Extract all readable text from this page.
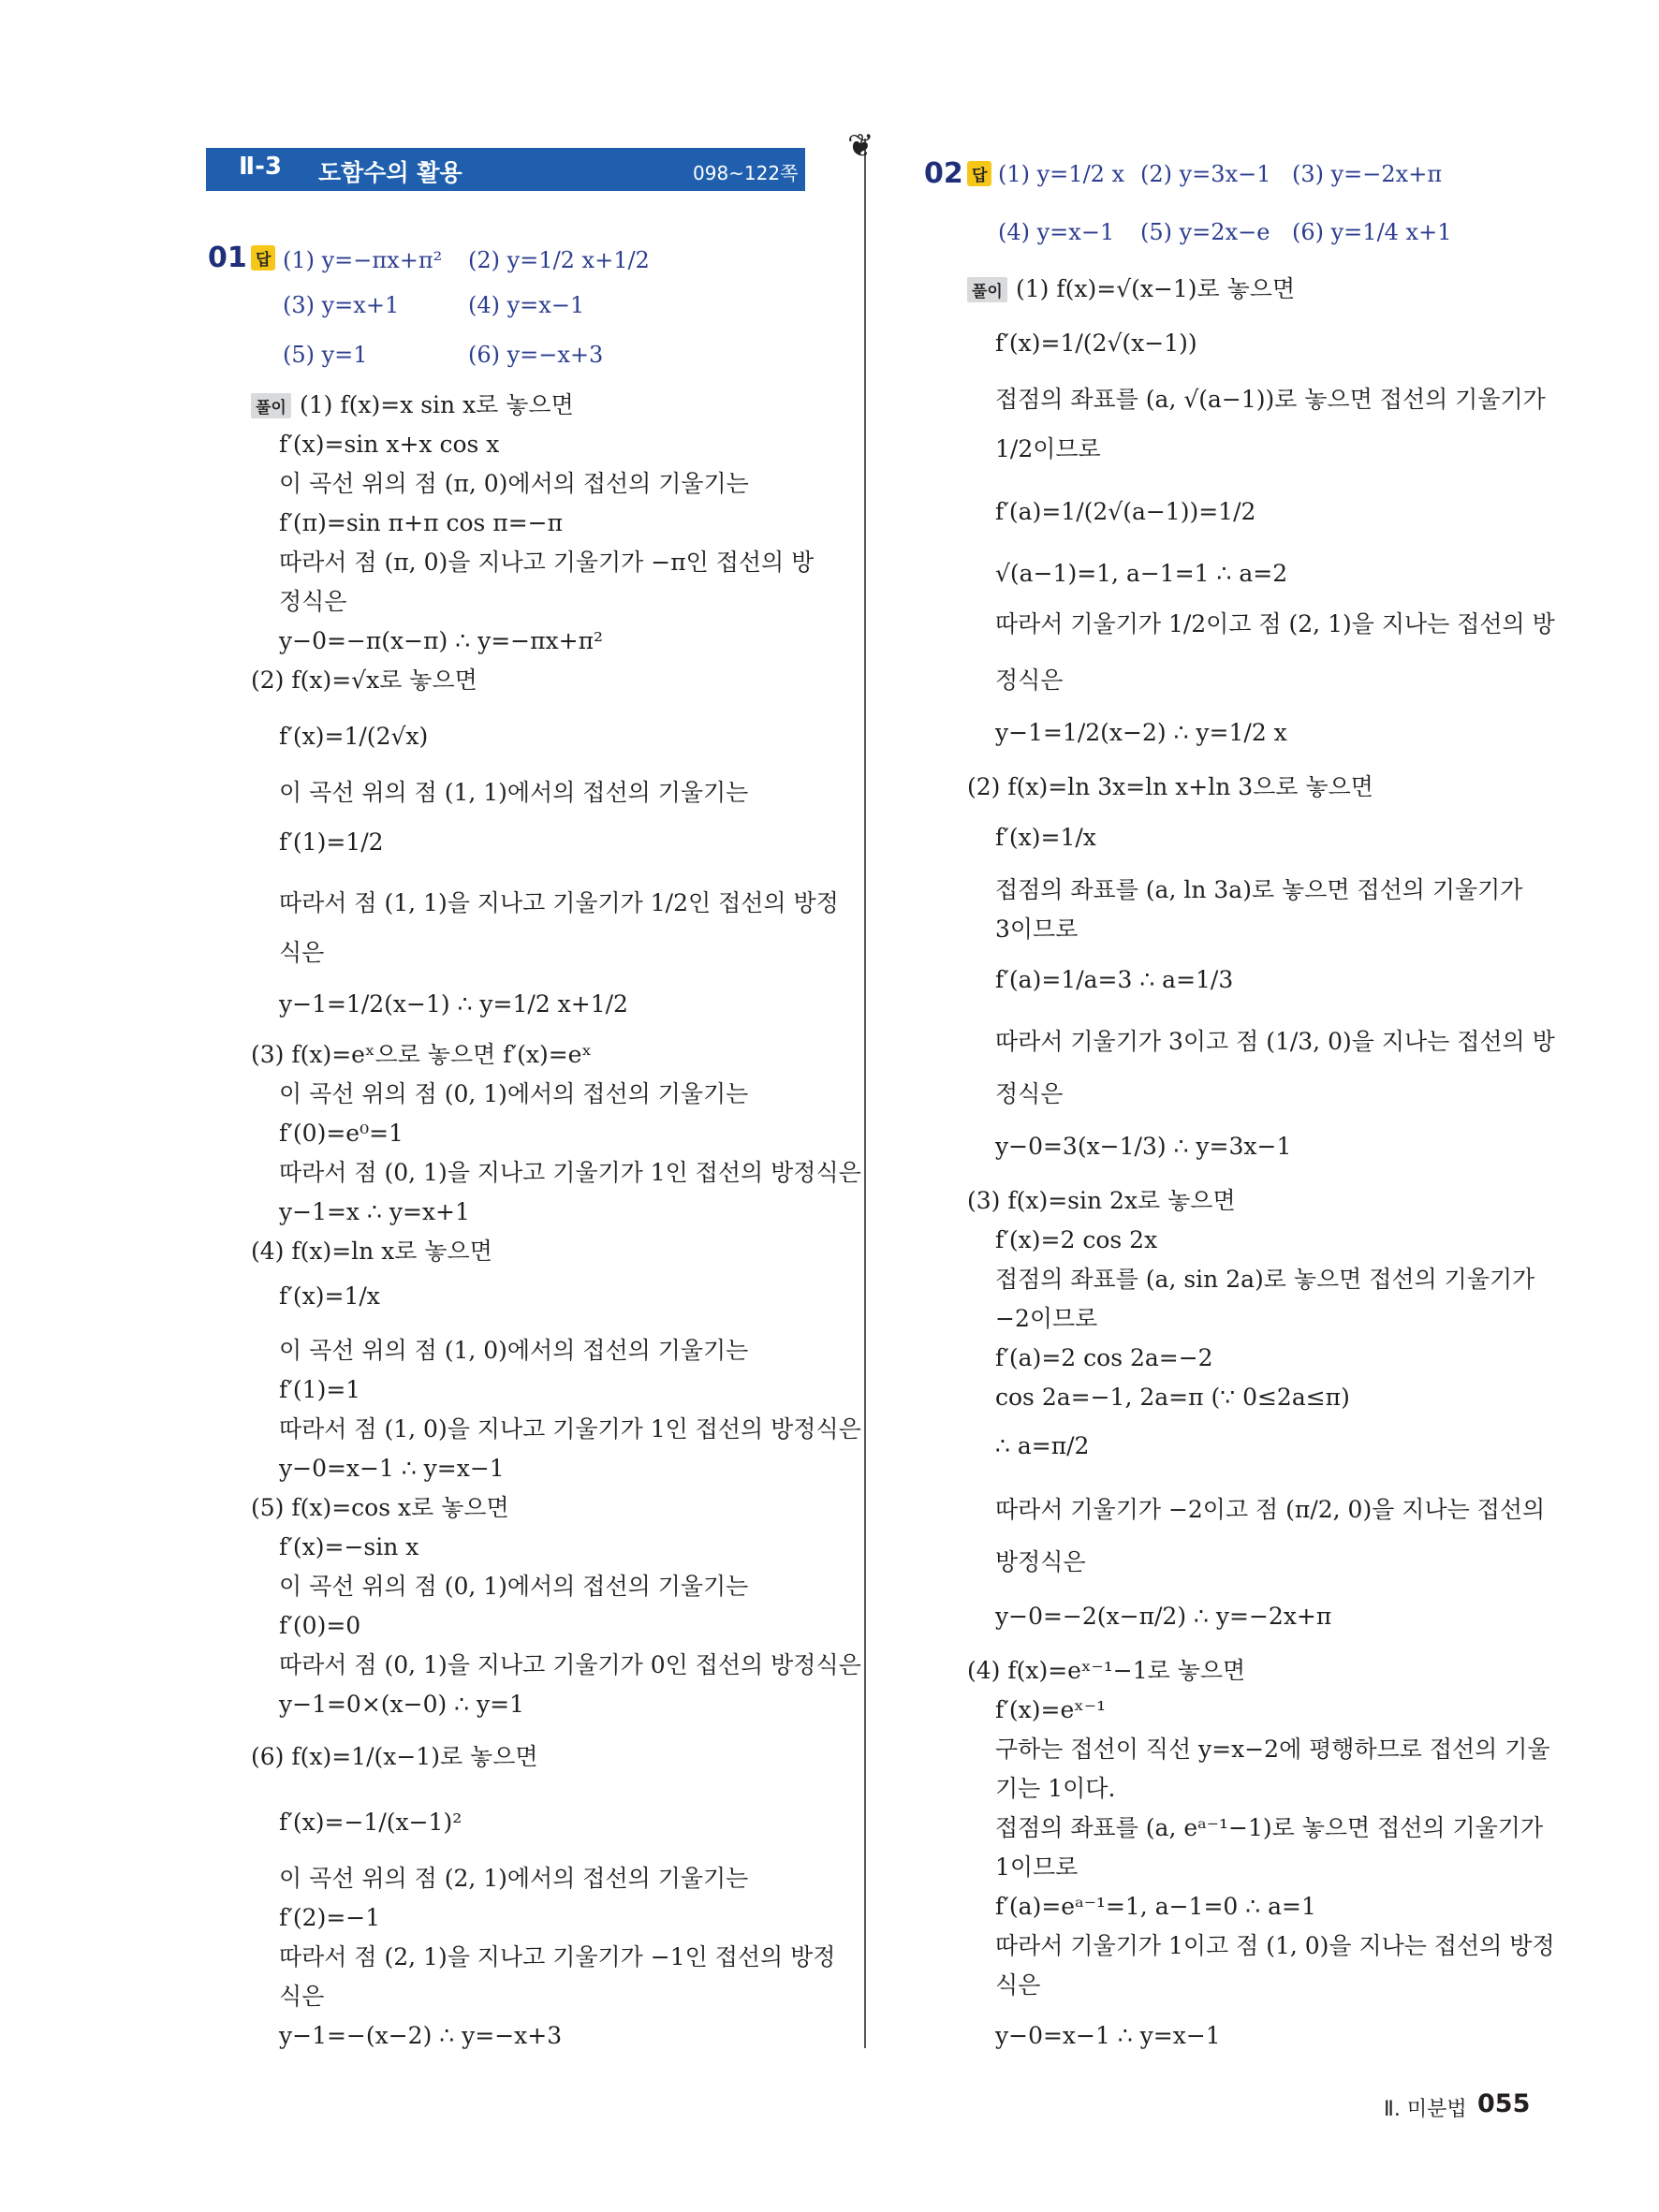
Ⅱ-3 도함수의 활용	098~122쪽
❦
01 답 (1) y=−πx+π² (2) y=1/2 x+1/2
(3) y=x+1	(4) y=x−1
(5) y=1	(6) y=−x+3
풀이 (1) f(x)=x sin x로 놓으면
f′(x)=sin x+x cos x
이 곡선 위의 점 (π, 0)에서의 접선의 기울기는
f′(π)=sin π+π cos π=−π
따라서 점 (π, 0)을 지나고 기울기가 −π인 접선의 방
정식은
y−0=−π(x−π) ∴ y=−πx+π²
(2) f(x)=√x로 놓으면
f′(x)=1/(2√x)
이 곡선 위의 점 (1, 1)에서의 접선의 기울기는
f′(1)=1/2
따라서 점 (1, 1)을 지나고 기울기가 1/2인 접선의 방정
식은
y−1=1/2(x−1) ∴ y=1/2 x+1/2
(3) f(x)=eˣ으로 놓으면 f′(x)=eˣ
이 곡선 위의 점 (0, 1)에서의 접선의 기울기는
f′(0)=e⁰=1
따라서 점 (0, 1)을 지나고 기울기가 1인 접선의 방정식은
y−1=x ∴ y=x+1
(4) f(x)=ln x로 놓으면
f′(x)=1/x
이 곡선 위의 점 (1, 0)에서의 접선의 기울기는
f′(1)=1
따라서 점 (1, 0)을 지나고 기울기가 1인 접선의 방정식은
y−0=x−1 ∴ y=x−1
(5) f(x)=cos x로 놓으면
f′(x)=−sin x
이 곡선 위의 점 (0, 1)에서의 접선의 기울기는
f′(0)=0
따라서 점 (0, 1)을 지나고 기울기가 0인 접선의 방정식은
y−1=0×(x−0) ∴ y=1
(6) f(x)=1/(x−1)로 놓으면
f′(x)=−1/(x−1)²
이 곡선 위의 점 (2, 1)에서의 접선의 기울기는
f′(2)=−1
따라서 점 (2, 1)을 지나고 기울기가 −1인 접선의 방정
식은
y−1=−(x−2) ∴ y=−x+3
02 답 (1) y=1/2 x (2) y=3x−1 (3) y=−2x+π
(4) y=x−1 (5) y=2x−e (6) y=1/4 x+1
풀이 (1) f(x)=√(x−1)로 놓으면
f′(x)=1/(2√(x−1))
접점의 좌표를 (a, √(a−1))로 놓으면 접선의 기울기가
1/2이므로
f′(a)=1/(2√(a−1))=1/2
√(a−1)=1, a−1=1 ∴ a=2
따라서 기울기가 1/2이고 점 (2, 1)을 지나는 접선의 방
정식은
y−1=1/2(x−2) ∴ y=1/2 x
(2) f(x)=ln 3x=ln x+ln 3으로 놓으면
f′(x)=1/x
접점의 좌표를 (a, ln 3a)로 놓으면 접선의 기울기가
3이므로
f′(a)=1/a=3 ∴ a=1/3
따라서 기울기가 3이고 점 (1/3, 0)을 지나는 접선의 방
정식은
y−0=3(x−1/3) ∴ y=3x−1
(3) f(x)=sin 2x로 놓으면
f′(x)=2 cos 2x
접점의 좌표를 (a, sin 2a)로 놓으면 접선의 기울기가
−2이므로
f′(a)=2 cos 2a=−2
cos 2a=−1, 2a=π (∵ 0≤2a≤π)
∴ a=π/2
따라서 기울기가 −2이고 점 (π/2, 0)을 지나는 접선의
방정식은
y−0=−2(x−π/2) ∴ y=−2x+π
(4) f(x)=eˣ⁻¹−1로 놓으면
f′(x)=eˣ⁻¹
구하는 접선이 직선 y=x−2에 평행하므로 접선의 기울
기는 1이다.
접점의 좌표를 (a, eᵃ⁻¹−1)로 놓으면 접선의 기울기가
1이므로
f′(a)=eᵃ⁻¹=1, a−1=0 ∴ a=1
따라서 기울기가 1이고 점 (1, 0)을 지나는 접선의 방정
식은
y−0=x−1 ∴ y=x−1
Ⅱ. 미분법 055
